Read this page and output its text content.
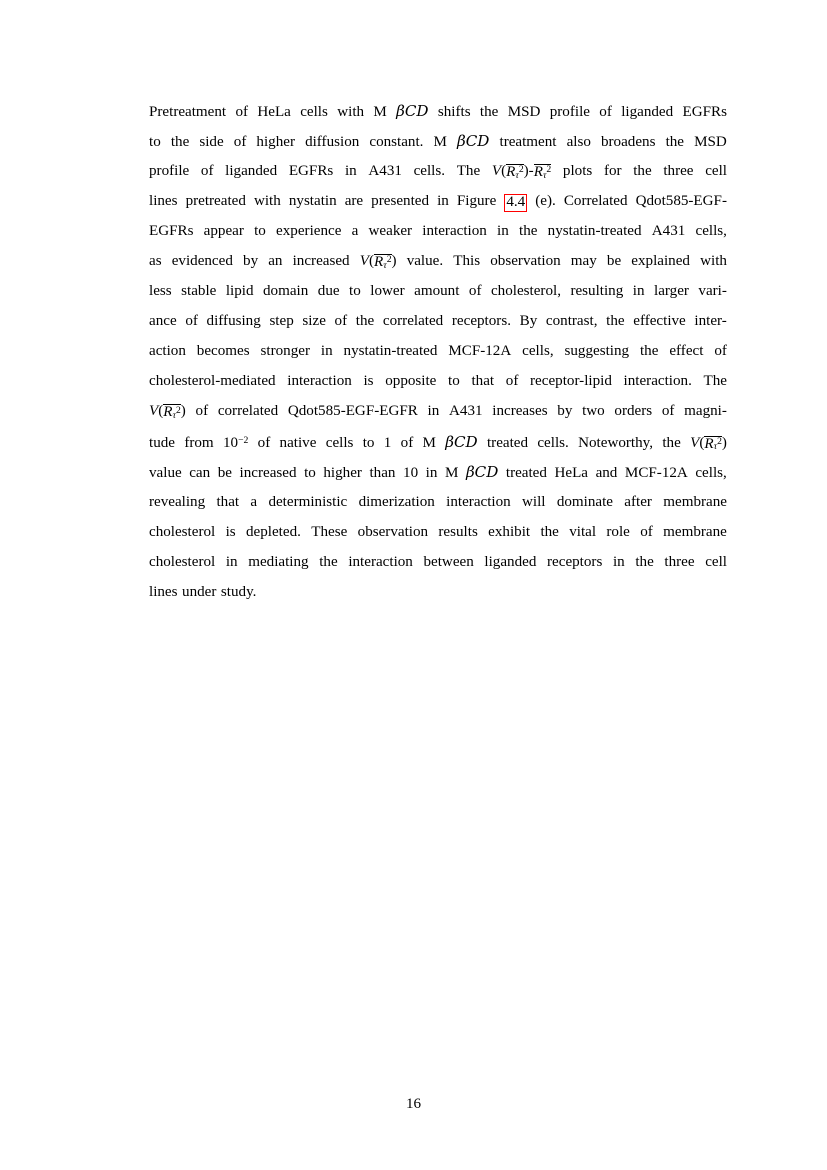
Pretreatment of HeLa cells with M βCD shifts the MSD profile of liganded EGFRs
to the side of higher diffusion constant. M βCD treatment also broadens the MSD
profile of liganded EGFRs in A431 cells. The $V(R\tau^2)-R\tau^2$ plots for the three cell
lines pretreated with nystatin are presented in Figure 4.4 (e). Correlated Qdot585-EGF-
EGFRs appear to experience a weaker interaction in the nystatin-treated A431 cells,
as evidenced by an increased $V(R\tau^2)$ value. This observation may be explained with
less stable lipid domain due to lower amount of cholesterol, resulting in larger vari-
ance of diffusing step size of the correlated receptors. By contrast, the effective inter-
action becomes stronger in nystatin-treated MCF-12A cells, suggesting the effect of
cholesterol-mediated interaction is opposite to that of receptor-lipid interaction. The
$V(R\tau^2)$ of correlated Qdot585-EGF-EGFR in A431 increases by two orders of magni-
tude from $10^{-2}$ of native cells to 1 of M βCD treated cells. Noteworthy, the $V(R\tau^2)$
value can be increased to higher than 10 in M βCD treated HeLa and MCF-12A cells,
revealing that a deterministic dimerization interaction will dominate after membrane
cholesterol is depleted. These observation results exhibit the vital role of membrane
cholesterol in mediating the interaction between liganded receptors in the three cell
lines under study.
16
